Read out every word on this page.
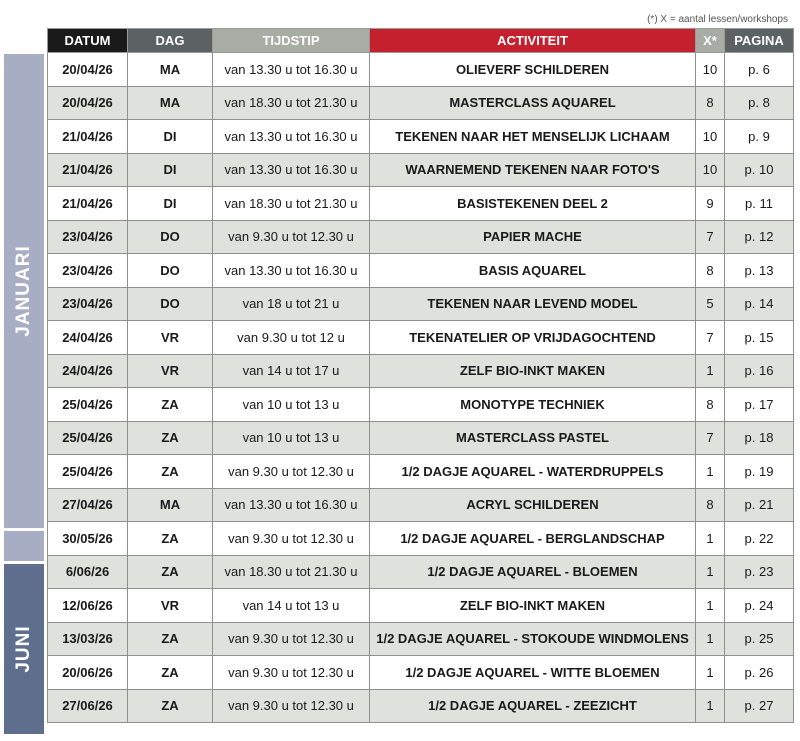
(*) X = aantal lessen/workshops
JANUARI
JUNI
DATUM	DAG	TIJDSTIP	ACTIVITEIT	X*	PAGINA
20/04/26	MA	van 13.30 u tot 16.30 u	OLIEVERF SCHILDEREN	10	p. 6
20/04/26	MA	van 18.30 u tot 21.30 u	MASTERCLASS AQUAREL	8	p. 8
21/04/26	DI	van 13.30 u tot 16.30 u	TEKENEN NAAR HET MENSELIJK LICHAAM	10	p. 9
21/04/26	DI	van 13.30 u tot 16.30 u	WAARNEMEND TEKENEN NAAR FOTO'S	10	p. 10
21/04/26	DI	van 18.30 u tot 21.30 u	BASISTEKENEN DEEL 2	9	p. 11
23/04/26	DO	van 9.30 u tot 12.30 u	PAPIER MACHE	7	p. 12
23/04/26	DO	van 13.30 u tot 16.30 u	BASIS AQUAREL	8	p. 13
23/04/26	DO	van 18 u tot 21 u	TEKENEN NAAR LEVEND MODEL	5	p. 14
24/04/26	VR	van 9.30 u tot 12 u	TEKENATELIER OP VRIJDAGOCHTEND	7	p. 15
24/04/26	VR	van 14 u tot 17 u	ZELF BIO-INKT MAKEN	1	p. 16
25/04/26	ZA	van 10 u tot 13 u	MONOTYPE TECHNIEK	8	p. 17
25/04/26	ZA	van 10 u tot 13 u	MASTERCLASS PASTEL	7	p. 18
25/04/26	ZA	van 9.30 u tot 12.30 u	1/2 DAGJE AQUAREL - WATERDRUPPELS	1	p. 19
27/04/26	MA	van 13.30 u tot 16.30 u	ACRYL SCHILDEREN	8	p. 21
30/05/26	ZA	van 9.30 u tot 12.30 u	1/2 DAGJE AQUAREL - BERGLANDSCHAP	1	p. 22
6/06/26	ZA	van 18.30 u tot 21.30 u	1/2 DAGJE AQUAREL - BLOEMEN	1	p. 23
12/06/26	VR	van 14 u tot 13 u	ZELF BIO-INKT MAKEN	1	p. 24
13/03/26	ZA	van 9.30 u tot 12.30 u	1/2 DAGJE AQUAREL - STOKOUDE WINDMOLENS	1	p. 25
20/06/26	ZA	van 9.30 u tot 12.30 u	1/2 DAGJE AQUAREL - WITTE BLOEMEN	1	p. 26
27/06/26	ZA	van 9.30 u tot 12.30 u	1/2 DAGJE AQUAREL - ZEEZICHT	1	p. 27
